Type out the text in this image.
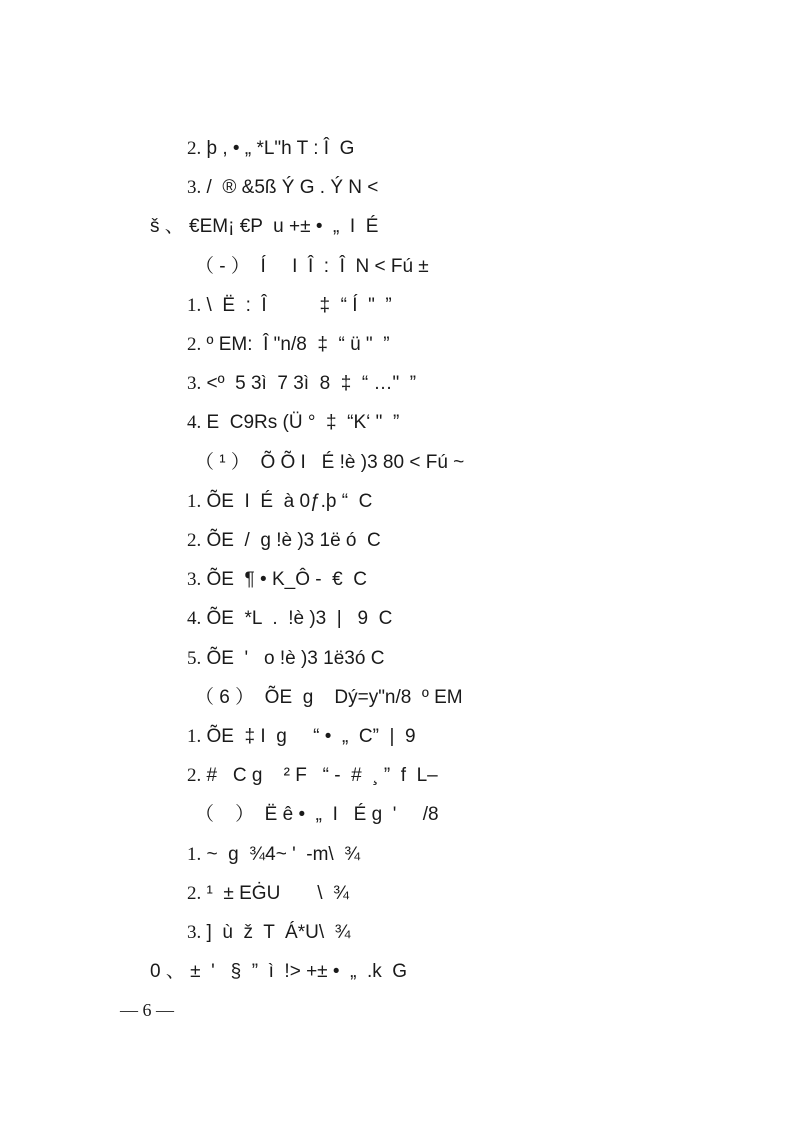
2. þ , • „ *L"h T : Î  G
3. /  ® &5ß Ý G . Ý N <
š 、 €EM¡ €P  u +± •  „  I  É
（ - ）  Í     I  Î  :  Î  N < Fú ±
1. \  Ë  :  Î          ‡  “ Í  "  ”
2. º EM:  Î "n/8  ‡  “ ü "  ”
3. <º  5 3ì  7 3ì  8  ‡  “ …"  ”
4. E  C9Rs (Ü °  ‡  “K‘ "  ”
（ ¹ ）  Õ Õ I   É !è )3 80 < Fú ~
1. ÕE  I  É  à 0ƒ.þ “  C
2. ÕE  /  g !è )3 1ë ó  C
3. ÕE  ¶ • K_Ô -  €  C
4. ÕE  *L  .  !è )3  |   9  C
5. ÕE  '   o !è )3 1ë3ó C
（ 6 ）  ÕE  g    Dý=y"n/8  º EM
1. ÕE  ‡ I  g     “ •  „  C”  |  9
2. #   C g    ² F   “ -  #  ¸ ”  f  L–
（    ）  Ë ê •  „  I   É g  '     /8
1. ~  g  ¾4~ '  -m\  ¾
2. ¹  ± EĠU       \  ¾
3. ]  ù  ž  T  Á*U\  ¾
0 、 ±  '   §  ”  ì  !> +± •  „  .k  G
— 6 —
